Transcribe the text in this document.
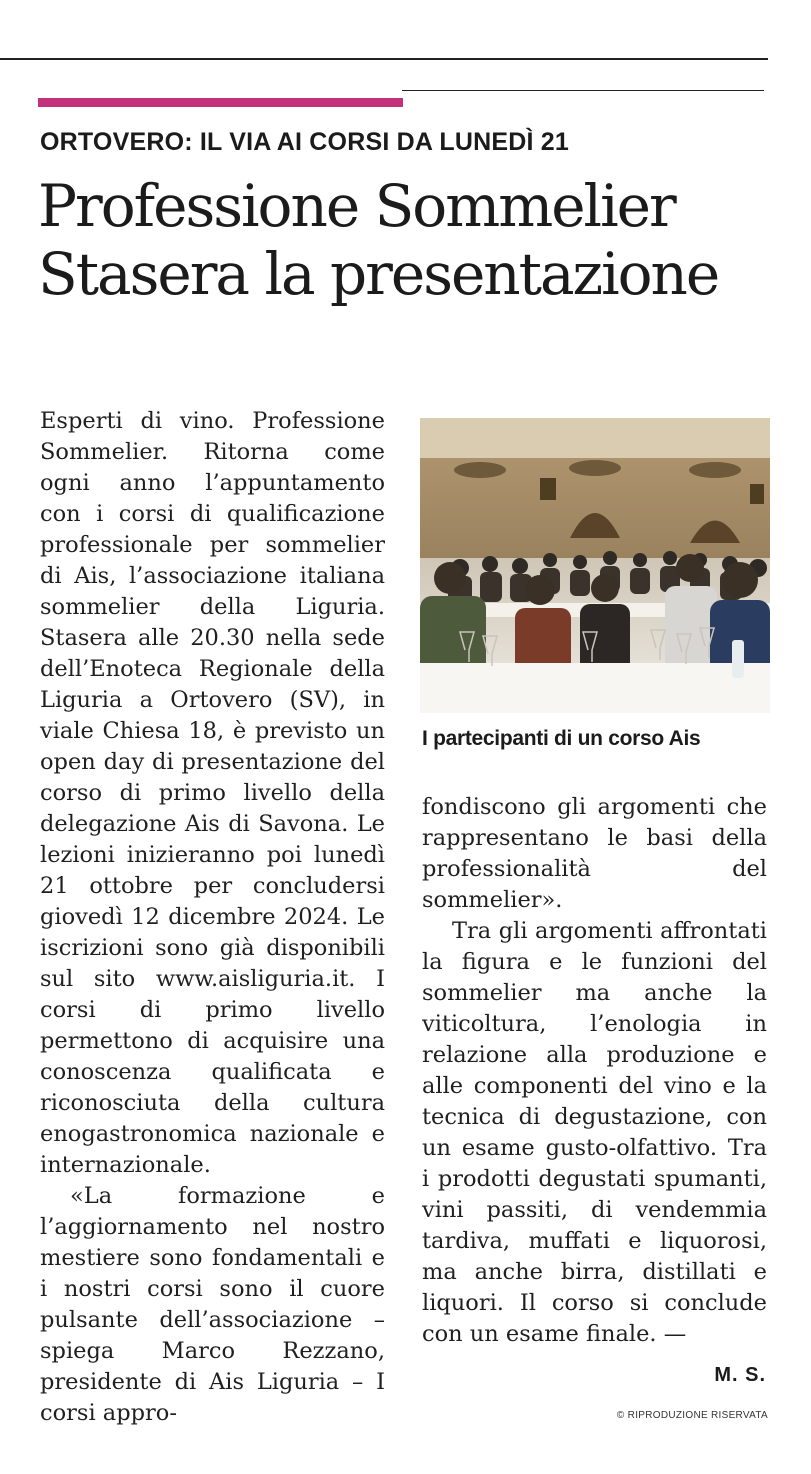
ORTOVERO: IL VIA AI CORSI DA LUNEDÌ 21
Professione Sommelier
Stasera la presentazione

Esperti di vino. Professione Sommelier. Ritorna come ogni anno l’appuntamento con i corsi di qualificazione professionale per sommelier di Ais, l’associazione italiana sommelier della Liguria. Stasera alle 20.30 nella sede dell’Enoteca Regionale della Liguria a Ortovero (SV), in viale Chiesa 18, è previsto un open day di presentazione del corso di primo livello della delegazione Ais di Savona. Le lezioni inizieranno poi lunedì 21 ottobre per concludersi giovedì 12 dicembre 2024. Le iscrizioni sono già disponibili sul sito www.aisliguria.it. I corsi di primo livello permettono di acquisire una conoscenza qualificata e riconosciuta della cultura enogastronomica nazionale e internazionale.

«La formazione e l’aggiornamento nel nostro mestiere sono fondamentali e i nostri corsi sono il cuore pulsante dell’associazione – spiega Marco Rezzano, presidente di Ais Liguria – I corsi appro-

I partecipanti di un corso Ais

fondiscono gli argomenti che rappresentano le basi della professionalità del sommelier».

Tra gli argomenti affrontati la figura e le funzioni del sommelier ma anche la viticoltura, l’enologia in relazione alla produzione e alle componenti del vino e la tecnica di degustazione, con un esame gusto-olfattivo. Tra i prodotti degustati spumanti, vini passiti, di vendemmia tardiva, muffati e liquorosi, ma anche birra, distillati e liquori. Il corso si conclude con un esame finale. —

M. S.
© RIPRODUZIONE RISERVATA
